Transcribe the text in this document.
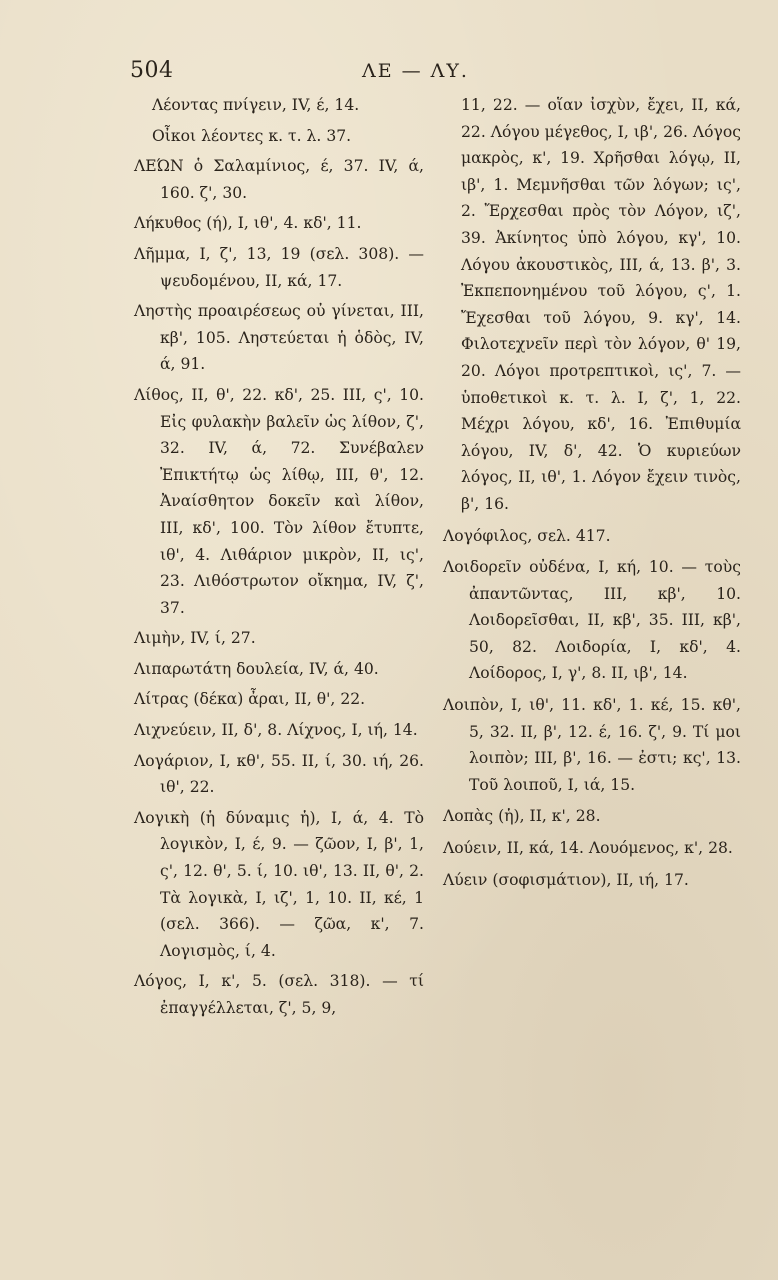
504	ΛΕ — ΛΥ.

Λέοντας πνίγειν, IV, έ, 14.

Οἶκοι λέοντες κ. τ. λ. 37.

ΛΕΏΝ ὁ Σαλαμίνιος, έ, 37. IV, ά, 160. ζ', 30.

Λήκυθος (ή), I, ιθ', 4. κδ', 11.

Λῆμμα, I, ζ', 13, 19 (σελ. 308). — ψευδομένου, II, κά, 17.

Ληστὴς προαιρέσεως οὐ γίνεται, III, κβ', 105. Ληστεύεται ἡ ὁδὸς, IV, ά, 91.

Λίθος, II, θ', 22. κδ', 25. III, ς', 10. Εἰς φυλακὴν βαλεῖν ὡς λίθον, ζ', 32. IV, ά, 72. Συνέβαλεν Ἐπικτήτῳ ὡς λίθῳ, III, θ', 12. Ἀναίσθητον δοκεῖν καὶ λίθον, III, κδ', 100. Τὸν λίθον ἔτυπτε, ιθ', 4. Λιθάριον μικρὸν, II, ις', 23. Λιθόστρωτον οἴκημα, IV, ζ', 37.

Λιμὴν, IV, ί, 27.

Λιπαρωτάτη δουλεία, IV, ά, 40.

Λίτρας (δέκα) ἆραι, II, θ', 22.

Λιχνεύειν, II, δ', 8. Λίχνος, I, ιή, 14.

Λογάριον, I, κθ', 55. II, ί, 30. ιή, 26. ιθ', 22.

Λογικὴ (ἡ δύναμις ἡ), I, ά, 4. Τὸ λογικὸν, I, έ, 9. — ζῶον, I, β', 1, ς', 12. θ', 5. ί, 10. ιθ', 13. II, θ', 2. Τὰ λογικὰ, I, ιζ', 1, 10. II, κέ, 1 (σελ. 366). — ζῶα, κ', 7. Λογισμὸς, ί, 4.

Λόγος, I, κ', 5. (σελ. 318). — τί ἐπαγγέλλεται, ζ', 5, 9,

11, 22. — οἵαν ἰσχὺν, ἔχει, II, κά, 22. Λόγου μέγεθος, I, ιβ', 26. Λόγος μακρὸς, κ', 19. Χρῆσθαι λόγῳ, II, ιβ', 1. Μεμνῆσθαι τῶν λόγων; ις', 2. Ἔρχεσθαι πρὸς τὸν Λόγον, ιζ', 39. Ἀκίνητος ὑπὸ λόγου, κγ', 10. Λόγου ἀκουστικὸς, III, ά, 13. β', 3. Ἐκπεπονημένου τοῦ λόγου, ς', 1. Ἔχεσθαι τοῦ λόγου, 9. κγ', 14. Φιλοτεχνεῖν περὶ τὸν λόγον, θ' 19, 20. Λόγοι προτρεπτικοὶ, ις', 7. — ὑποθετικοὶ κ. τ. λ. I, ζ', 1, 22. Μέχρι λόγου, κδ', 16. Ἐπιθυμία λόγου, IV, δ', 42. Ὁ κυριεύων λόγος, II, ιθ', 1. Λόγον ἔχειν τινὸς, β', 16.

Λογόφιλος, σελ. 417.

Λοιδορεῖν οὐδένα, I, κή, 10. — τοὺς ἀπαντῶντας, III, κβ', 10. Λοιδορεῖσθαι, II, κβ', 35. III, κβ', 50, 82. Λοιδορία, I, κδ', 4. Λοίδορος, I, γ', 8. II, ιβ', 14.

Λοιπὸν, I, ιθ', 11. κδ', 1. κέ, 15. κθ', 5, 32. II, β', 12. έ, 16. ζ', 9. Τί μοι λοιπὸν; III, β', 16. — ἐστι; κς', 13. Τοῦ λοιποῦ, I, ιά, 15.

Λοπὰς (ἡ), II, κ', 28.

Λούειν, II, κά, 14. Λουόμενος, κ', 28.

Λύειν (σοφισμάτιον), II, ιή, 17.
